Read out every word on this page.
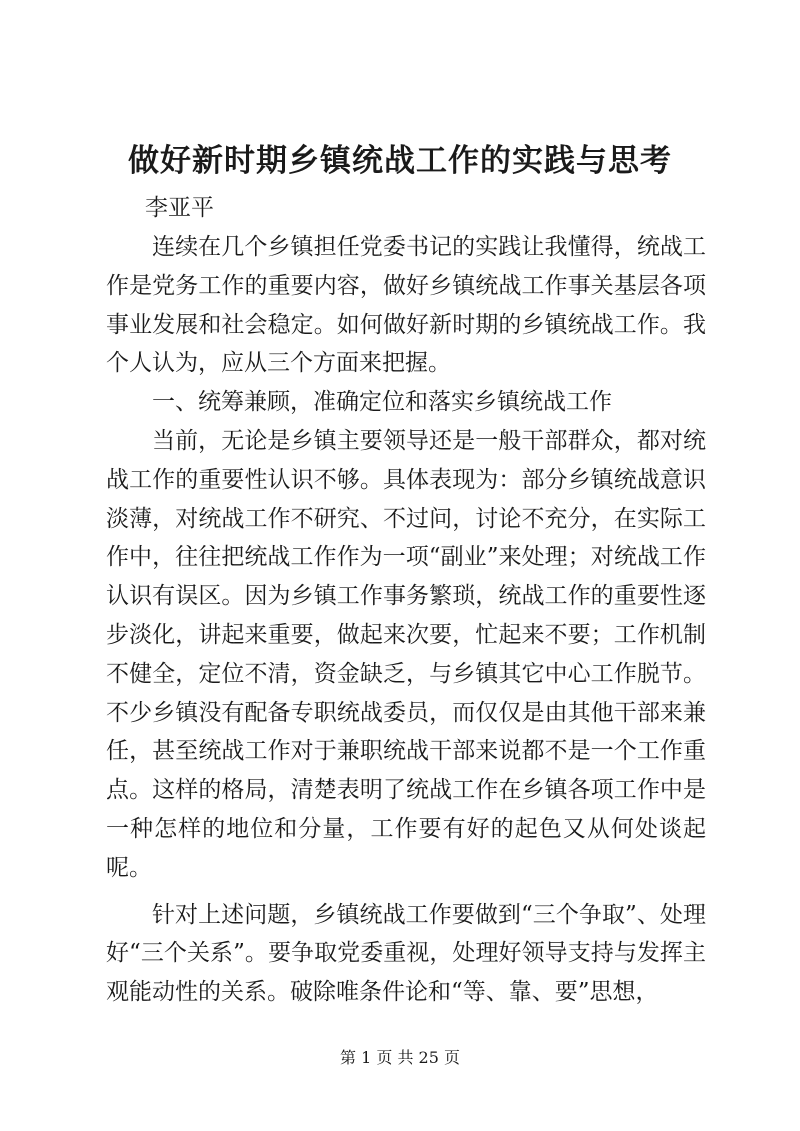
做好新时期乡镇统战工作的实践与思考

李亚平

连续在几个乡镇担任党委书记的实践让我懂得，统战工作是党务工作的重要内容，做好乡镇统战工作事关基层各项事业发展和社会稳定。如何做好新时期的乡镇统战工作。我个人认为，应从三个方面来把握。

一、统筹兼顾，准确定位和落实乡镇统战工作

当前，无论是乡镇主要领导还是一般干部群众，都对统战工作的重要性认识不够。具体表现为：部分乡镇统战意识淡薄，对统战工作不研究、不过问，讨论不充分，在实际工作中，往往把统战工作作为一项“副业”来处理；对统战工作认识有误区。因为乡镇工作事务繁琐，统战工作的重要性逐步淡化，讲起来重要，做起来次要，忙起来不要；工作机制不健全，定位不清，资金缺乏，与乡镇其它中心工作脱节。不少乡镇没有配备专职统战委员，而仅仅是由其他干部来兼任，甚至统战工作对于兼职统战干部来说都不是一个工作重点。这样的格局，清楚表明了统战工作在乡镇各项工作中是一种怎样的地位和分量，工作要有好的起色又从何处谈起呢。

针对上述问题，乡镇统战工作要做到“三个争取”、处理好“三个关系”。要争取党委重视，处理好领导支持与发挥主观能动性的关系。破除唯条件论和“等、靠、要”思想，

第 1 页 共 25 页
